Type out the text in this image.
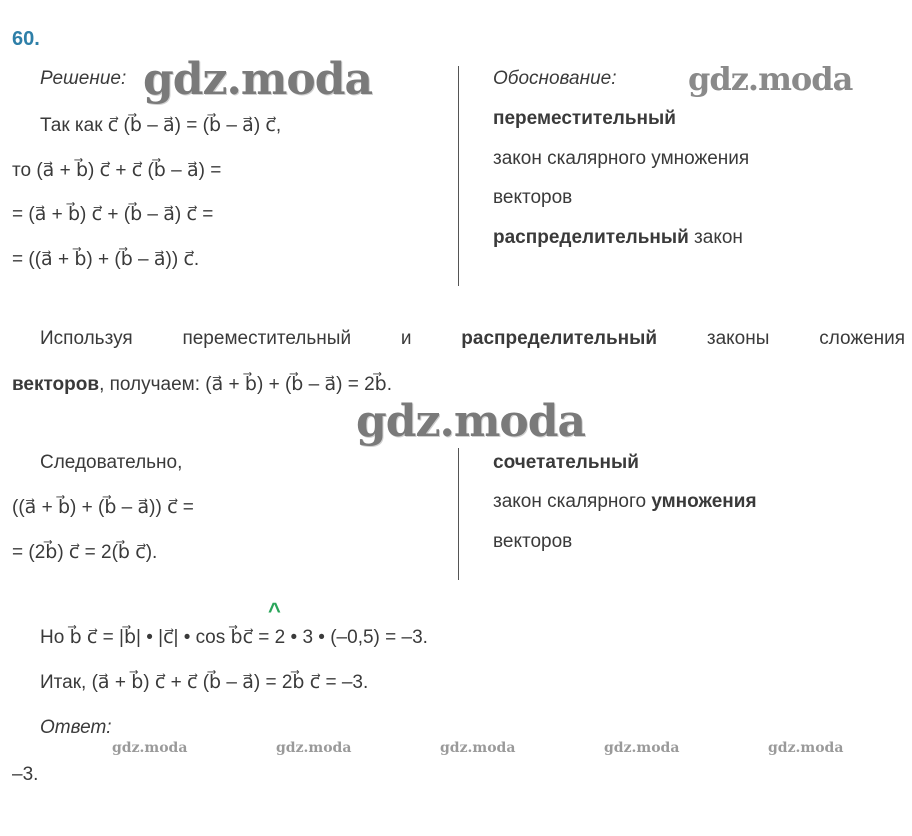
60.
gdz.moda	gdz.moda
gdz.moda
gdz.moda	gdz.moda	gdz.moda	gdz.moda	gdz.moda
Решение:
Так как c⃗ (b⃗ – a⃗) = (b⃗ – a⃗) c⃗,
то (a⃗ + b⃗) c⃗ + c⃗ (b⃗ – a⃗) =
= (a⃗ + b⃗) c⃗ + (b⃗ – a⃗) c⃗ =
= ((a⃗ + b⃗) + (b⃗ – a⃗)) c⃗.
Обоснование:
переместительный
закон скалярного умножения
векторов
распределительный закон
Используя	переместительный	и	распределительный	законы	сложения
векторов, получаем: (a⃗ + b⃗) + (b⃗ – a⃗) = 2b⃗.
Следовательно,
((a⃗ + b⃗) + (b⃗ – a⃗)) c⃗ =
= (2b⃗) c⃗ = 2(b⃗ c⃗).
сочетательный
закон скалярного умножения
векторов
^
Но b⃗ c⃗ = |b⃗| • |c⃗| • cos b⃗c⃗ = 2 • 3 • (–0,5) = –3.
Итак, (a⃗ + b⃗) c⃗ + c⃗ (b⃗ – a⃗) = 2b⃗ c⃗ = –3.
Ответ:
–3.
